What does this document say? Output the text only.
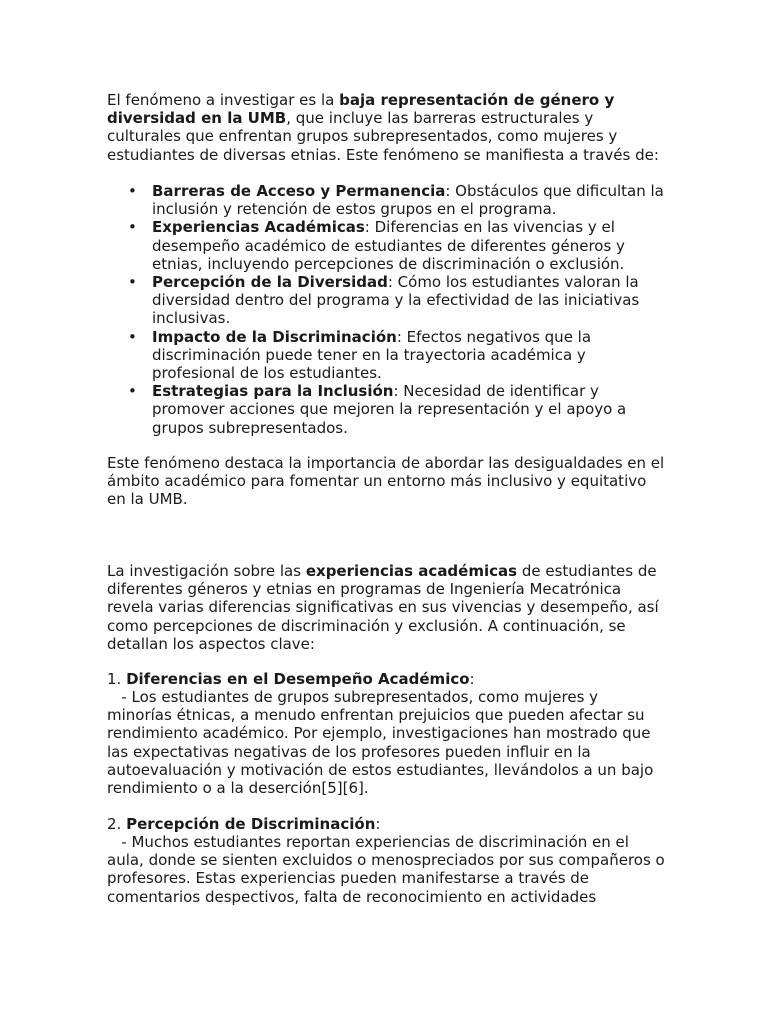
El fenómeno a investigar es la baja representación de género y diversidad en la UMB, que incluye las barreras estructurales y culturales que enfrentan grupos subrepresentados, como mujeres y estudiantes de diversas etnias. Este fenómeno se manifiesta a través de:

• Barreras de Acceso y Permanencia: Obstáculos que dificultan la inclusión y retención de estos grupos en el programa.
• Experiencias Académicas: Diferencias en las vivencias y el desempeño académico de estudiantes de diferentes géneros y etnias, incluyendo percepciones de discriminación o exclusión.
• Percepción de la Diversidad: Cómo los estudiantes valoran la diversidad dentro del programa y la efectividad de las iniciativas inclusivas.
• Impacto de la Discriminación: Efectos negativos que la discriminación puede tener en la trayectoria académica y profesional de los estudiantes.
• Estrategias para la Inclusión: Necesidad de identificar y promover acciones que mejoren la representación y el apoyo a grupos subrepresentados.

Este fenómeno destaca la importancia de abordar las desigualdades en el ámbito académico para fomentar un entorno más inclusivo y equitativo en la UMB.

La investigación sobre las experiencias académicas de estudiantes de diferentes géneros y etnias en programas de Ingeniería Mecatrónica revela varias diferencias significativas en sus vivencias y desempeño, así como percepciones de discriminación y exclusión. A continuación, se detallan los aspectos clave:

1. Diferencias en el Desempeño Académico:

- Los estudiantes de grupos subrepresentados, como mujeres y minorías étnicas, a menudo enfrentan prejuicios que pueden afectar su rendimiento académico. Por ejemplo, investigaciones han mostrado que las expectativas negativas de los profesores pueden influir en la autoevaluación y motivación de estos estudiantes, llevándolos a un bajo rendimiento o a la deserción[5][6].

2. Percepción de Discriminación:

- Muchos estudiantes reportan experiencias de discriminación en el aula, donde se sienten excluidos o menospreciados por sus compañeros o profesores. Estas experiencias pueden manifestarse a través de comentarios despectivos, falta de reconocimiento en actividades
